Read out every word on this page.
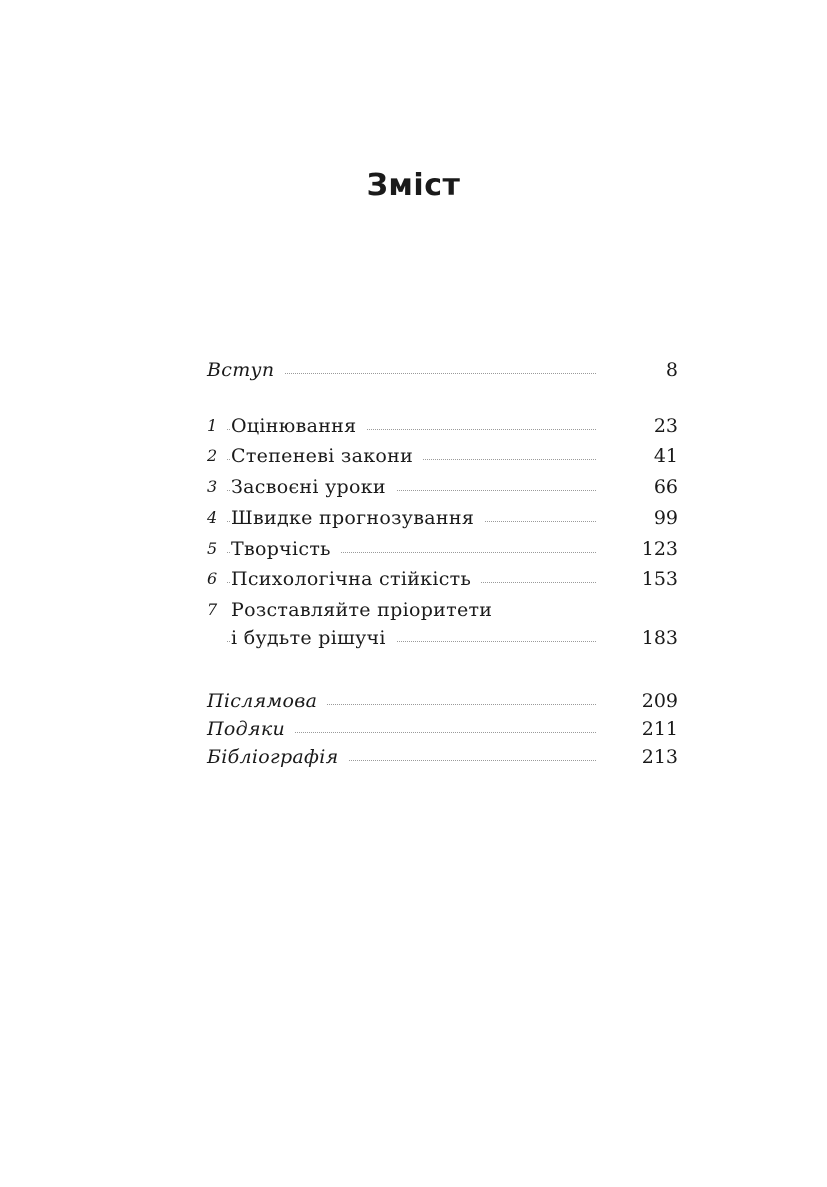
Зміст
Вступ	8
1 Оцінювання	23
2 Степеневі закони	41
3 Засвоєні уроки	66
4 Швидке прогнозування	99
5 Творчість	123
6 Психологічна стійкість	153
7 Розставляйте пріоритети
і будьте рішучі	183
Післямова	209
Подяки	211
Бібліографія	213
